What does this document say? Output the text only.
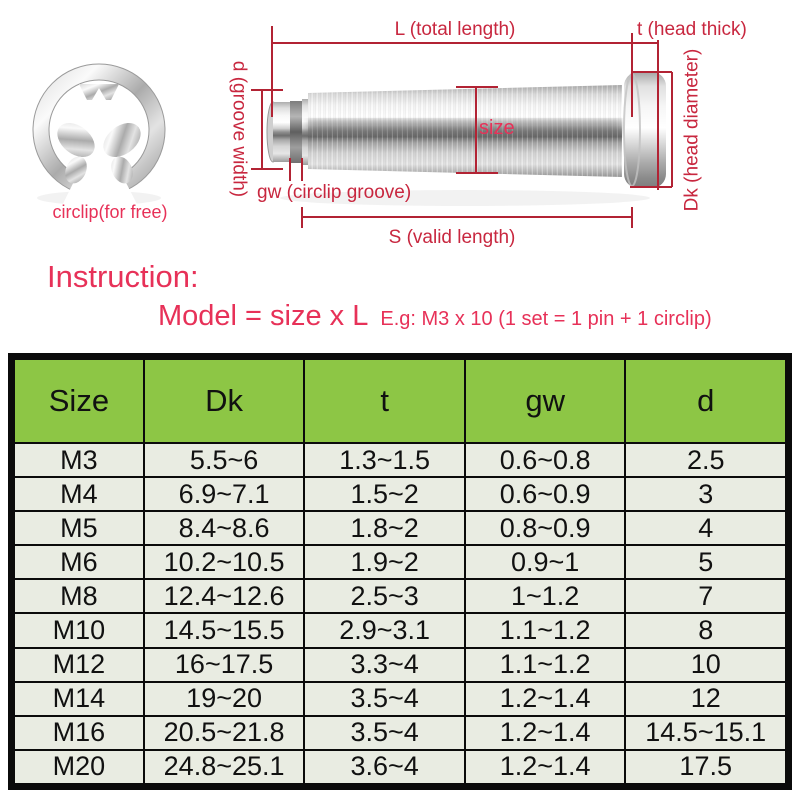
L (total length)	t (head thick)
d (groove width) gw (circlip groove)
size	Dk (head diameter)
S (valid length)
circlip(for free)
Instruction:
Model = size x L E.g: M3 x 10 (1 set = 1 pin + 1 circlip)
Size	Dk	t	gw	d
M3	5.5~6	1.3~1.5	0.6~0.8	2.5
M4	6.9~7.1	1.5~2	0.6~0.9	3
M5	8.4~8.6	1.8~2	0.8~0.9	4
M6	10.2~10.5	1.9~2	0.9~1	5
M8	12.4~12.6	2.5~3	1~1.2	7
M10	14.5~15.5	2.9~3.1	1.1~1.2	8
M12	16~17.5	3.3~4	1.1~1.2	10
M14	19~20	3.5~4	1.2~1.4	12
M16	20.5~21.8	3.5~4	1.2~1.4	14.5~15.1
M20	24.8~25.1	3.6~4	1.2~1.4	17.5
